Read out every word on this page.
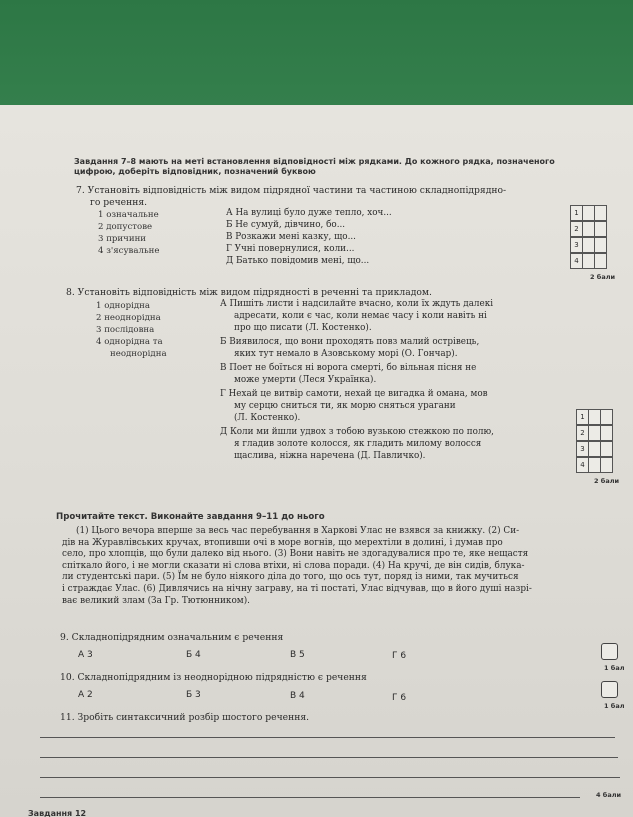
Завдання 7–8 мають на меті встановлення відповідності між рядками. До кожного рядка, позначеного
цифрою, доберіть відповідник, позначений буквою
7. Установіть відповідність між видом підрядної частини та частиною складнопідрядно-
го речення.
1 означальне
2 допустове
3 причини
4 з'ясувальне
А На вулиці було дуже тепло, хоч...
Б Не сумуй, дівчино, бо...
В Розкажи мені казку, що...
Г Учні повернулися, коли...
Д Батько повідомив мені, що...
1
2
3
4
2 бали
8. Установіть відповідність між видом підрядності в реченні та прикладом.
1 однорідна
2 неоднорідна
3 послідовна
4 однорідна та
неоднорідна
А Пишіть листи і надсилайте вчасно, коли їх ждуть далекі
адресати, коли є час, коли немає часу і коли навіть ні
про що писати (Л. Костенко).
Б Виявилося, що вони проходять повз малий острівець,
яких тут немало в Азовському морі (О. Гончар).
В Поет не боїться ні ворога смерті, бо вільная пісня не
може умерти (Леся Українка).
Г Нехай це витвір самоти, нехай це вигадка й омана, мов
му серцю сниться ти, як морю сняться урагани
(Л. Костенко).
Д Коли ми йшли удвох з тобою вузькою стежкою по полю,
я гладив золоте колосся, як гладить милому волосся
щаслива, ніжна наречена (Д. Павличко).
1
2
3
4
2 бали
Прочитайте текст. Виконайте завдання 9–11 до нього
(1) Цього вечора вперше за весь час перебування в Харкові Улас не взявся за книжку. (2) Си-
дів на Журавлівських кручах, втопивши очі в море вогнів, що мерехтіли в долині, і думав про
село, про хлопців, що були далеко від нього. (3) Вони навіть не здогадувалися про те, яке нещастя
спіткало його, і не могли сказати ні слова втіхи, ні слова поради. (4) На кручі, де він сидів, блука-
ли студентські пари. (5) Їм не було ніякого діла до того, що ось тут, поряд із ними, так мучиться
і страждає Улас. (6) Дивлячись на нічну заграву, на ті постаті, Улас відчував, що в його душі назрі-
ває великий злам (За Гр. Тютюнником).
9. Складнопідрядним означальним є речення
А 3	Б 4	В 5	Г 6
1 бал
10. Складнопідрядним із неоднорідною підрядністю є речення
А 2	Б 3	В 4	Г 6
1 бал
11. Зробіть синтаксичний розбір шостого речення.
4 бали
Завдання 12
